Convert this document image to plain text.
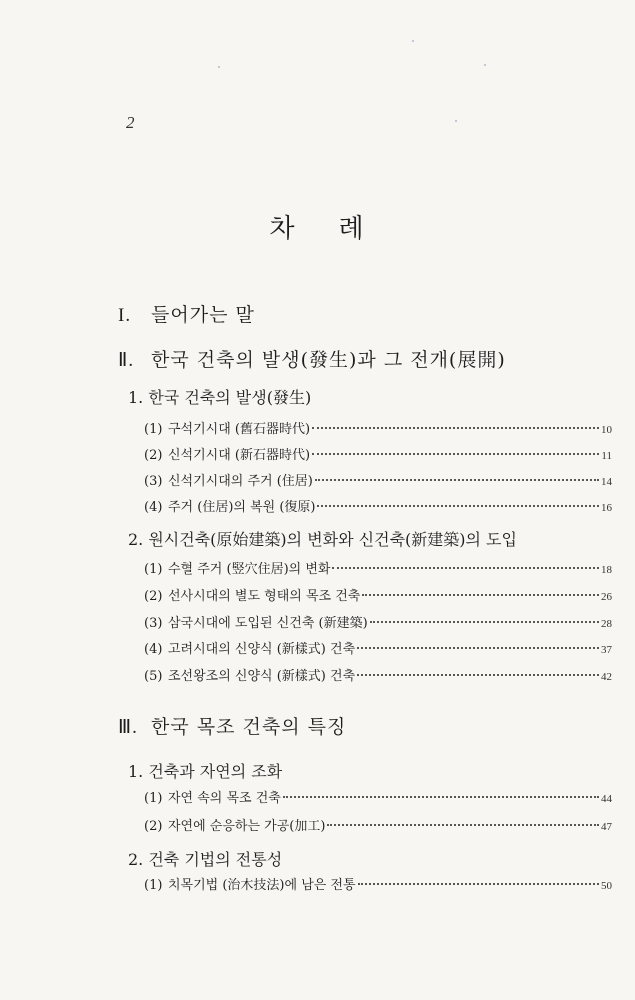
2
차 례
I. 들어가는 말
Ⅱ. 한국 건축의 발생(發生)과 그 전개(展開)
1. 한국 건축의 발생(發生)
(1) 구석기시대 (舊石器時代)	10
(2) 신석기시대 (新石器時代)	11
(3) 신석기시대의 주거 (住居)	14
(4) 주거 (住居)의 복원 (復原)	16
2. 원시건축(原始建築)의 변화와 신건축(新建築)의 도입
(1) 수혈 주거 (竪穴住居)의 변화	18
(2) 선사시대의 별도 형태의 목조 건축	26
(3) 삼국시대에 도입된 신건축 (新建築)	28
(4) 고려시대의 신양식 (新樣式) 건축	37
(5) 조선왕조의 신양식 (新樣式) 건축	42
Ⅲ. 한국 목조 건축의 특징
1. 건축과 자연의 조화
(1) 자연 속의 목조 건축	44
(2) 자연에 순응하는 가공(加工)	47
2. 건축 기법의 전통성
(1) 치목기법 (治木技法)에 남은 전통	50
